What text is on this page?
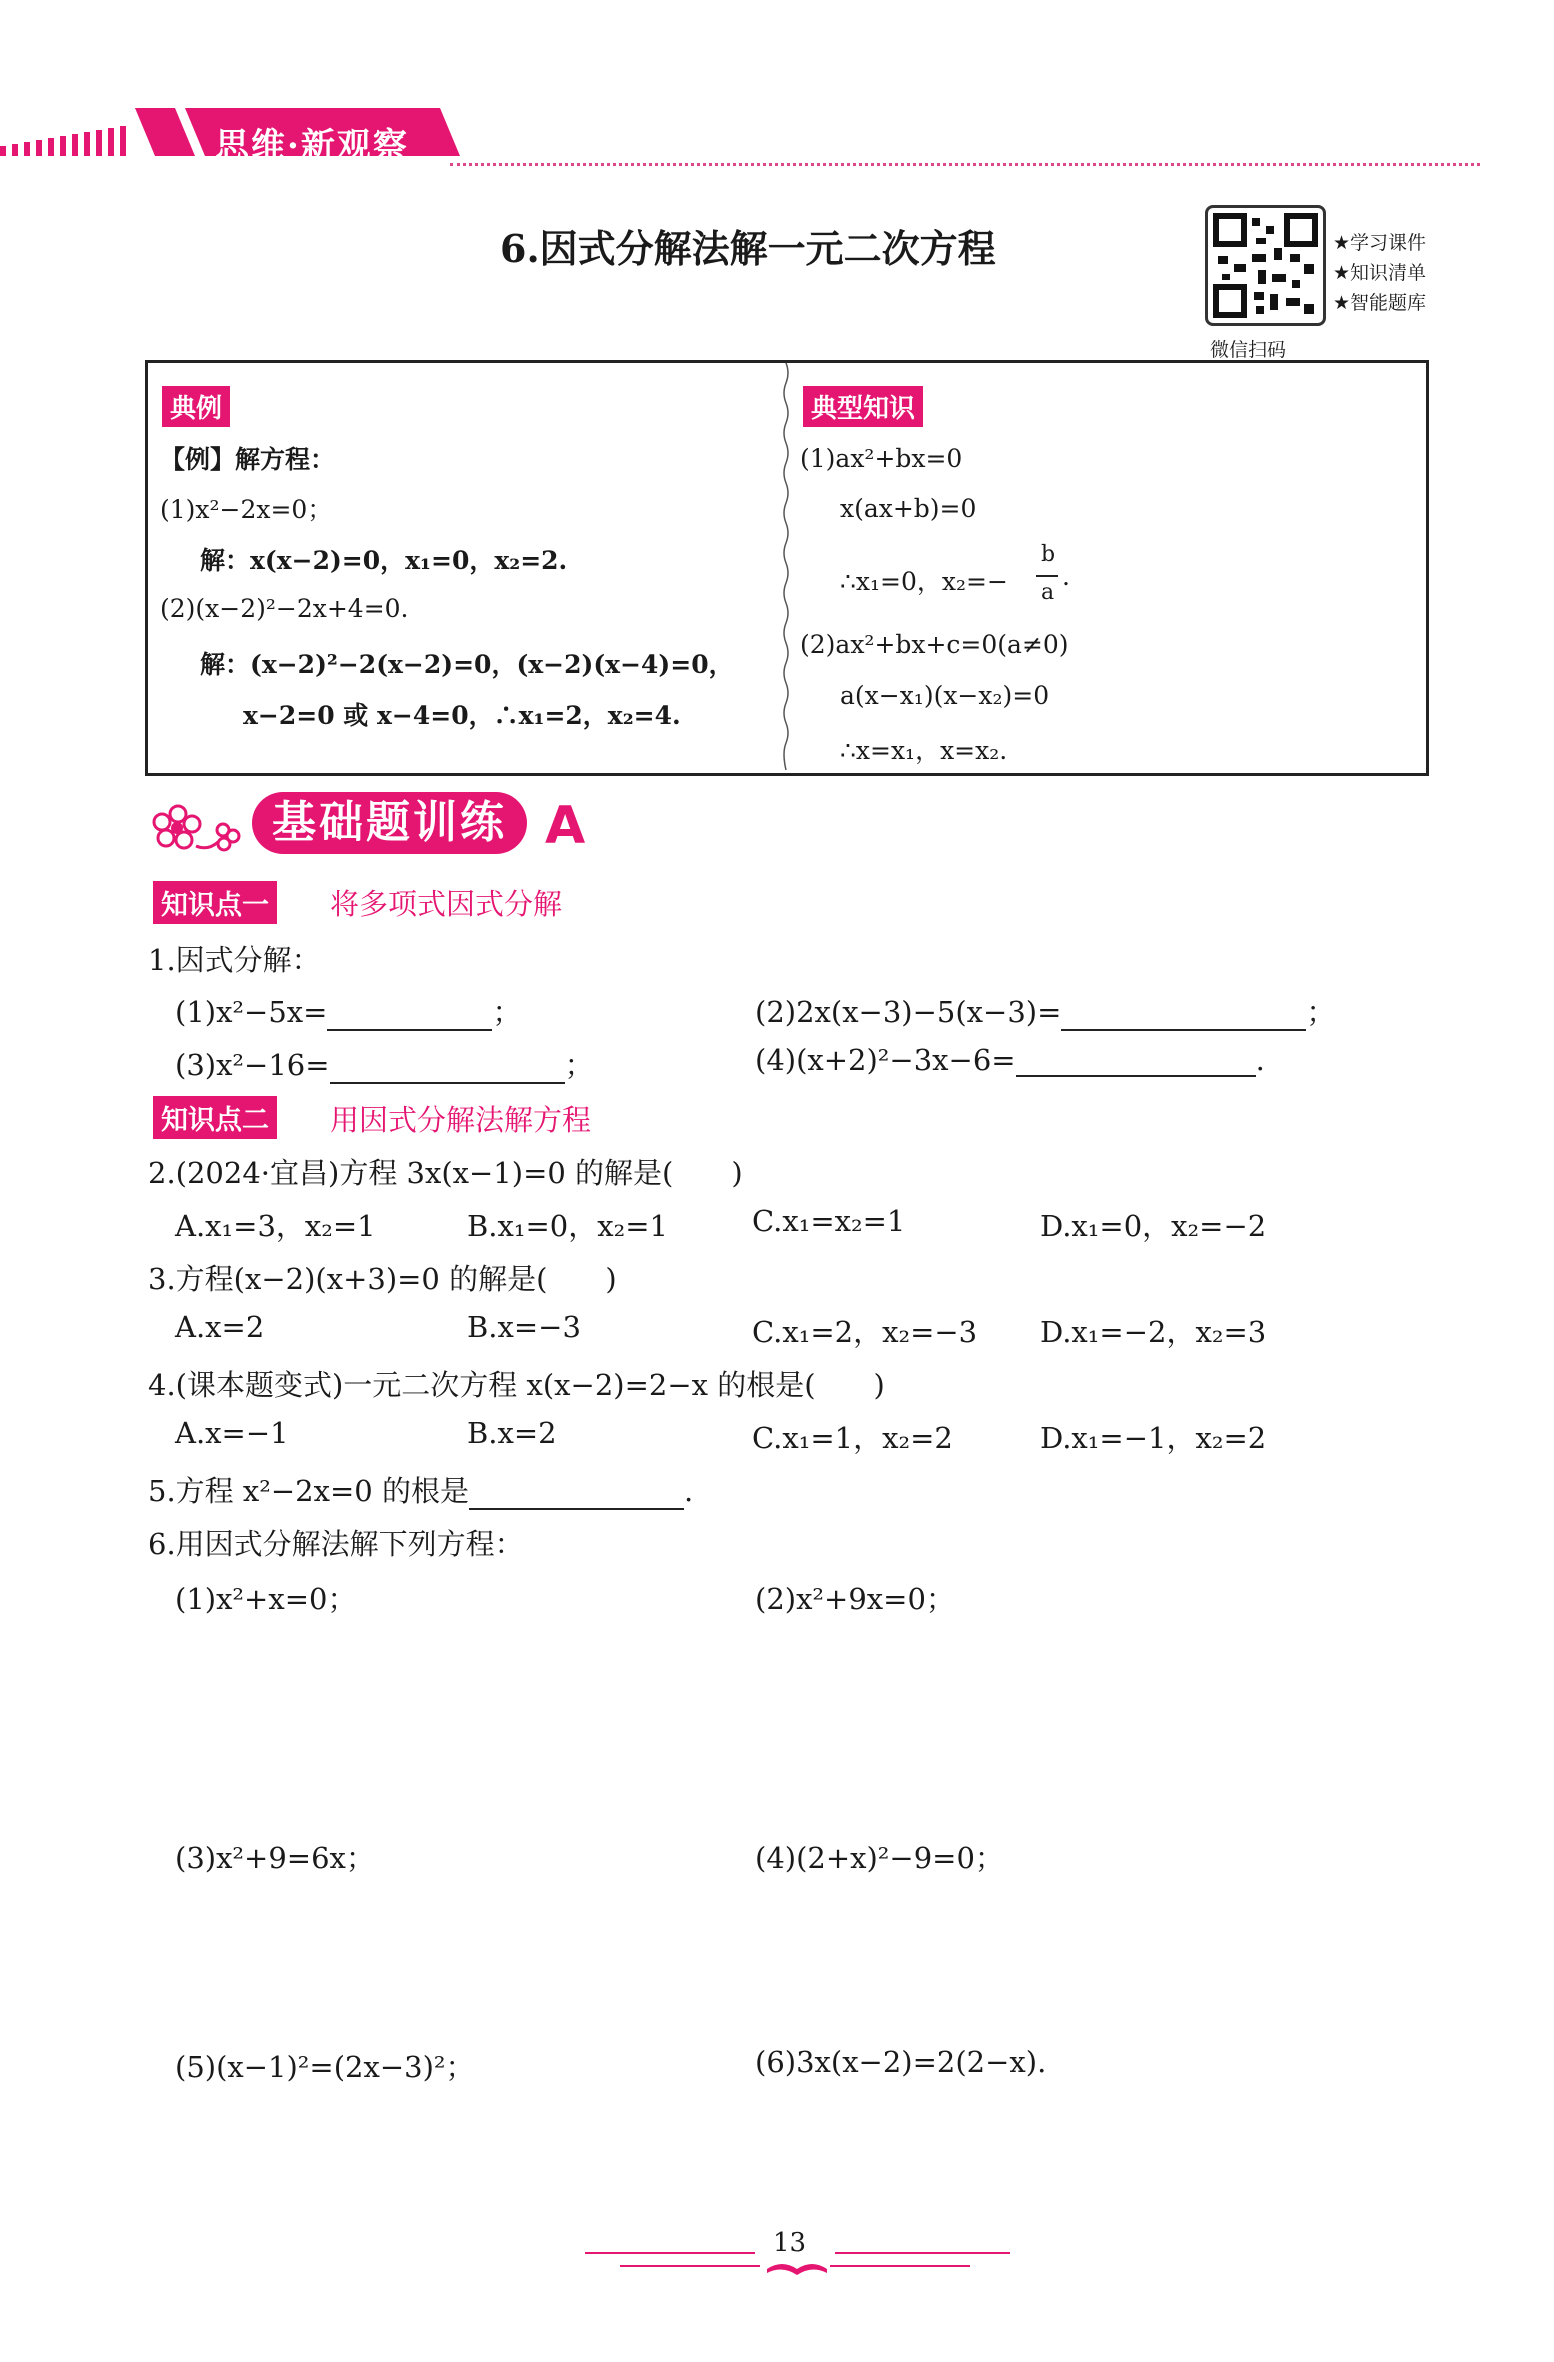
思维·新观察
6.因式分解法解一元二次方程	★学习课件
★知识清单
★智能题库
微信扫码
典例
【例】解方程：
(1)x²−2x=0；
解：x(x−2)=0，x₁=0，x₂=2.
(2)(x−2)²−2x+4=0.
解：(x−2)²−2(x−2)=0，(x−2)(x−4)=0，
x−2=0 或 x−4=0，∴x₁=2，x₂=4.
典型知识
(1)ax²+bx=0
x(ax+b)=0
∴x₁=0，x₂=−
b
a
.
(2)ax²+bx+c=0(a≠0)
a(x−x₁)(x−x₂)=0
∴x=x₁，x=x₂.
基础题训练 A
知识点一 将多项式因式分解
1.因式分解：
(1)x²−5x=	；	(2)2x(x−3)−5(x−3)=	；
(3)x²−16=	；	(4)(x+2)²−3x−6=	.
知识点二 用因式分解法解方程
2.(2024·宜昌)方程 3x(x−1)=0 的解是(　　)
A.x₁=3，x₂=1	B.x₁=0，x₂=1	C.x₁=x₂=1	D.x₁=0，x₂=−2
3.方程(x−2)(x+3)=0 的解是(　　)
A.x=2	B.x=−3	C.x₁=2，x₂=−3 D.x₁=−2，x₂=3
4.(课本题变式)一元二次方程 x(x−2)=2−x 的根是(　　)
A.x=−1	B.x=2	C.x₁=1，x₂=2	D.x₁=−1，x₂=2
5.方程 x²−2x=0 的根是	.
6.用因式分解法解下列方程：
(1)x²+x=0；	(2)x²+9x=0；
(3)x²+9=6x；	(4)(2+x)²−9=0；
(5)(x−1)²=(2x−3)²；	(6)3x(x−2)=2(2−x).
13
